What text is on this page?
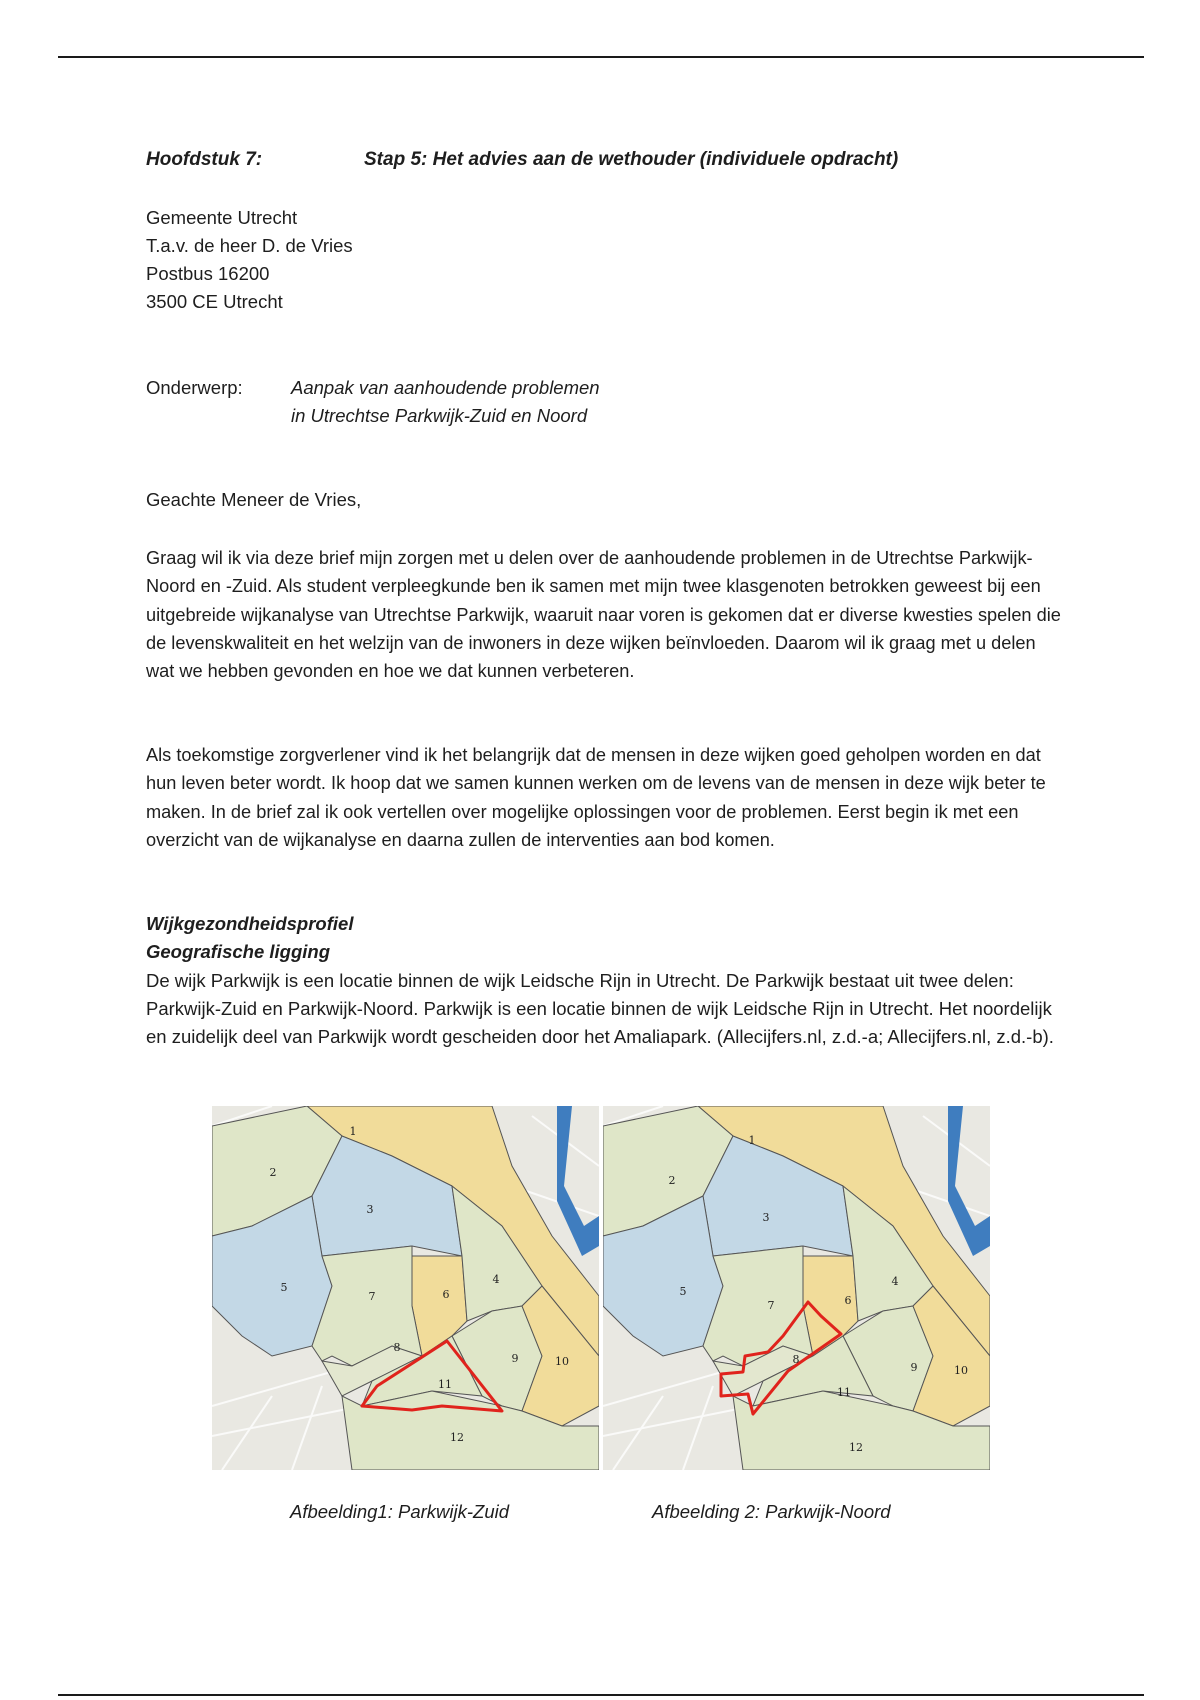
Hoofdstuk 7:	Stap 5: Het advies aan de wethouder (individuele opdracht)
Gemeente Utrecht
T.a.v. de heer D. de Vries
Postbus 16200
3500 CE Utrecht
Onderwerp:	Aanpak van aanhoudende problemen
in Utrechtse Parkwijk-Zuid en Noord
Geachte Meneer de Vries,

Graag wil ik via deze brief mijn zorgen met u delen over de aanhoudende problemen in de Utrechtse Parkwijk-Noord en -Zuid. Als student verpleegkunde ben ik samen met mijn twee klasgenoten betrokken geweest bij een uitgebreide wijkanalyse van Utrechtse Parkwijk, waaruit naar voren is gekomen dat er diverse kwesties spelen die de levenskwaliteit en het welzijn van de inwoners in deze wijken beïnvloeden. Daarom wil ik graag met u delen wat we hebben gevonden en hoe we dat kunnen verbeteren.

Als toekomstige zorgverlener vind ik het belangrijk dat de mensen in deze wijken goed geholpen worden en dat hun leven beter wordt. Ik hoop dat we samen kunnen werken om de levens van de mensen in deze wijk beter te maken. In de brief zal ik ook vertellen over mogelijke oplossingen voor de problemen. Eerst begin ik met een overzicht van de wijkanalyse en daarna zullen de interventies aan bod komen.

Wijkgezondheidsprofiel
Geografische ligging
De wijk Parkwijk is een locatie binnen de wijk Leidsche Rijn in Utrecht. De Parkwijk bestaat uit twee delen: Parkwijk-Zuid en Parkwijk-Noord. Parkwijk is een locatie binnen de wijk Leidsche Rijn in Utrecht. Het noordelijk en zuidelijk deel van Parkwijk wordt gescheiden door het Amaliapark. (Allecijfers.nl, z.d.-a; Allecijfers.nl, z.d.-b).
1
2
3
4
5
6
7
8
9	10
11
12
1
2
3
4
5
6
7
8
9	10
11
12
Afbeelding1: Parkwijk-Zuid	Afbeelding 2: Parkwijk-Noord
